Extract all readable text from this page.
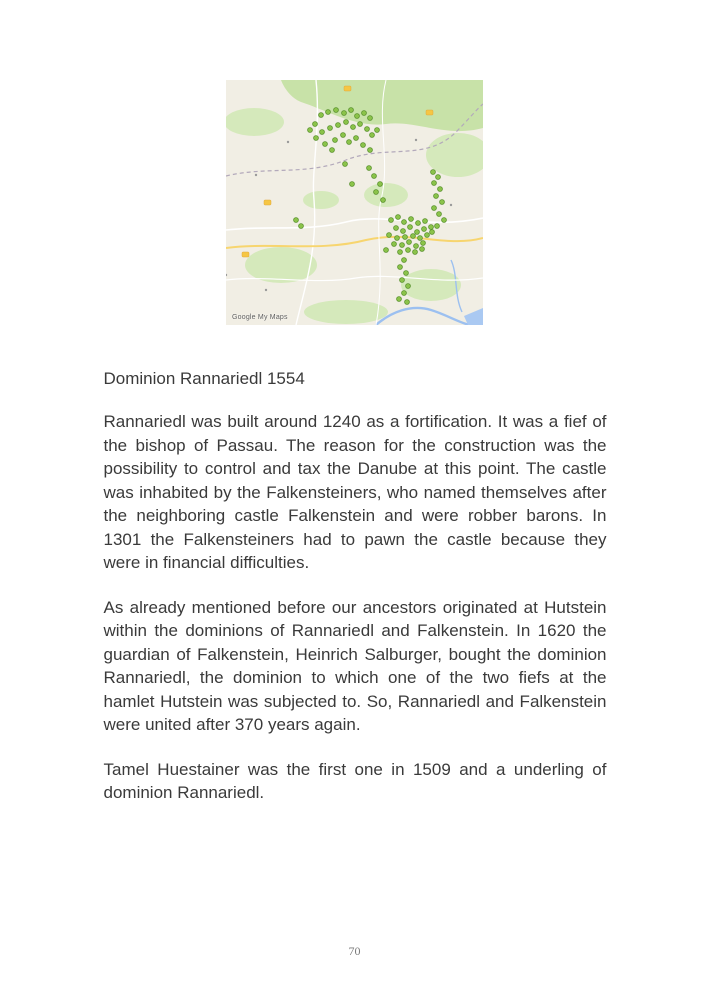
Google My Maps
Dominion Rannariedl 1554

Rannariedl was built around 1240 as a fortification. It was a fief of the bishop of Passau. The reason for the construction was the possibility to control and tax the Danube at this point. The castle was inhabited by the Falkensteiners, who named themselves after the neighboring castle Falkenstein and were robber barons. In 1301 the Falkensteiners had to pawn the castle because they were in financial difficulties.

As already mentioned before our ancestors originated at Hutstein within the dominions of Rannariedl and Falkenstein. In 1620 the guardian of Falkenstein, Heinrich Salburger, bought the dominion Rannariedl, the dominion to which one of the two fiefs at the hamlet Hutstein was subjected to. So, Rannariedl and Falkenstein were united after 370 years again.

Tamel Huestainer was the first one in 1509 and a underling of dominion Rannariedl.

70
